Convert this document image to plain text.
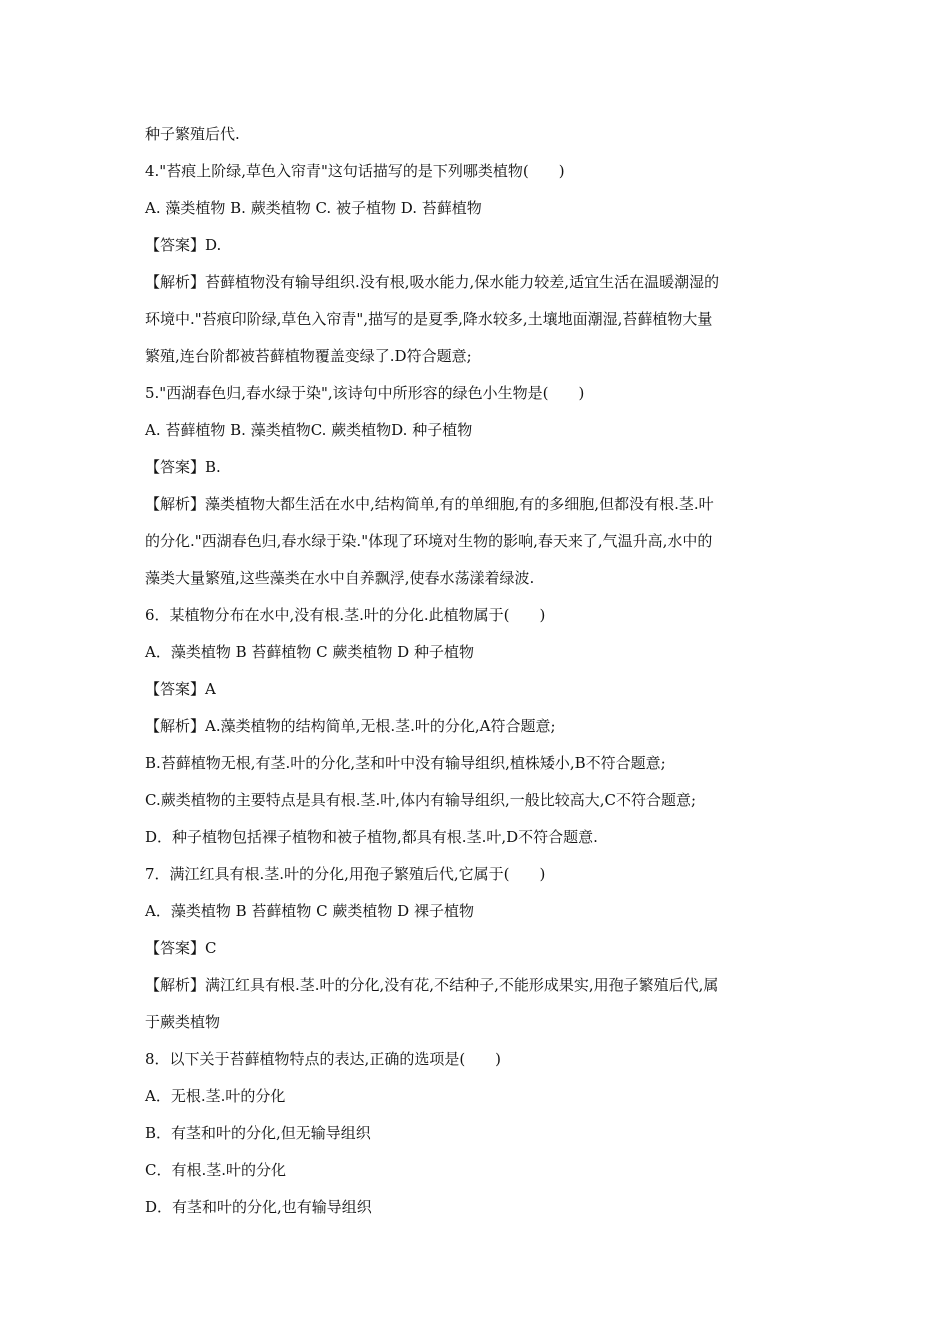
种子繁殖后代.
4."苔痕上阶绿,草色入帘青"这句话描写的是下列哪类植物(　　)
A. 藻类植物 B. 蕨类植物 C. 被子植物 D. 苔藓植物
【答案】D.
【解析】苔藓植物没有输导组织.没有根,吸水能力,保水能力较差,适宜生活在温暖潮湿的
环境中."苔痕印阶绿,草色入帘青",描写的是夏季,降水较多,土壤地面潮湿,苔藓植物大量
繁殖,连台阶都被苔藓植物覆盖变绿了.D符合题意;
5."西湖春色归,春水绿于染",该诗句中所形容的绿色小生物是(　　)
A. 苔藓植物 B. 藻类植物C. 蕨类植物D. 种子植物
【答案】B.
【解析】藻类植物大都生活在水中,结构简单,有的单细胞,有的多细胞,但都没有根.茎.叶
的分化."西湖春色归,春水绿于染."体现了环境对生物的影响,春天来了,气温升高,水中的
藻类大量繁殖,这些藻类在水中自养飘浮,使春水荡漾着绿波.
6．某植物分布在水中,没有根.茎.叶的分化.此植物属于(　　)
A．藻类植物 B 苔藓植物 C 蕨类植物 D 种子植物
【答案】A
【解析】A.藻类植物的结构简单,无根.茎.叶的分化,A符合题意;
B.苔藓植物无根,有茎.叶的分化,茎和叶中没有输导组织,植株矮小,B不符合题意;
C.蕨类植物的主要特点是具有根.茎.叶,体内有输导组织,一般比较高大,C不符合题意;
D．种子植物包括裸子植物和被子植物,都具有根.茎.叶,D不符合题意.
7．满江红具有根.茎.叶的分化,用孢子繁殖后代,它属于(　　)
A．藻类植物 B 苔藓植物 C 蕨类植物 D 裸子植物
【答案】C
【解析】满江红具有根.茎.叶的分化,没有花,不结种子,不能形成果实,用孢子繁殖后代,属
于蕨类植物
8．以下关于苔藓植物特点的表达,正确的选项是(　　)
A．无根.茎.叶的分化
B．有茎和叶的分化,但无输导组织
C．有根.茎.叶的分化
D．有茎和叶的分化,也有输导组织
